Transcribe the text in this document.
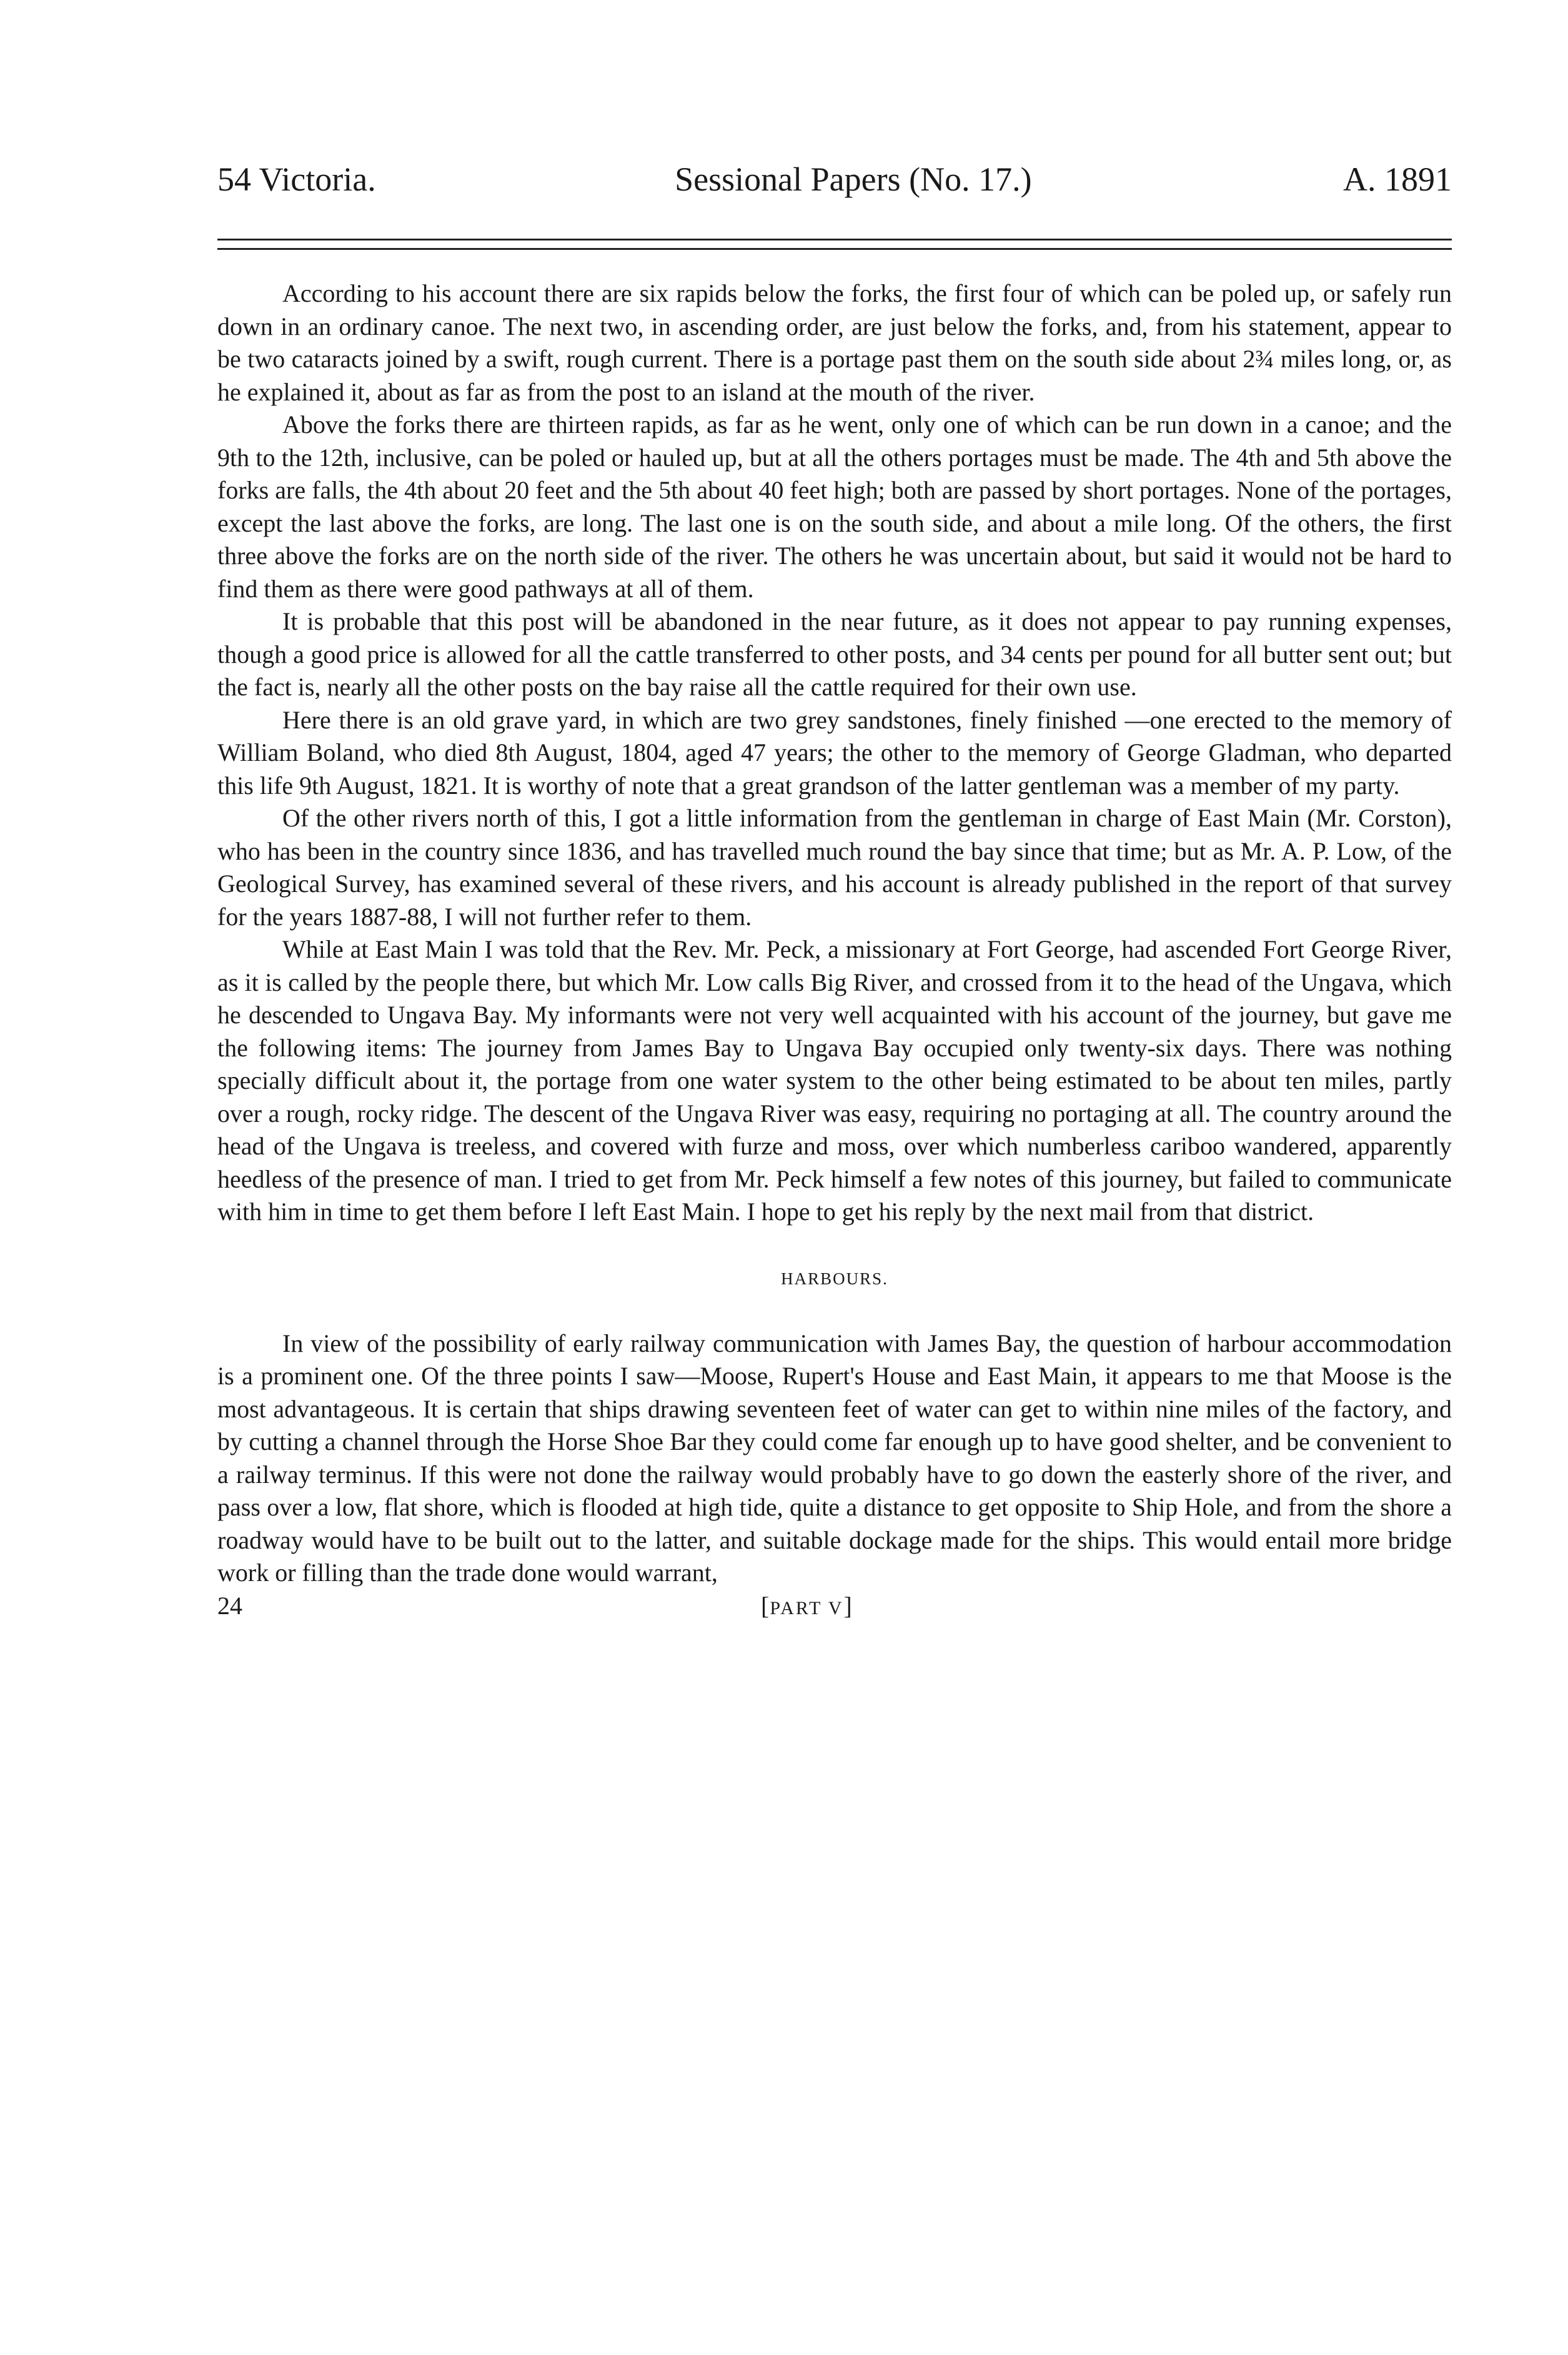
54 Victoria.	Sessional Papers (No. 17.)	A. 1891

According to his account there are six rapids below the forks, the first four of which can be poled up, or safely run down in an ordinary canoe. The next two, in ascending order, are just below the forks, and, from his statement, appear to be two cataracts joined by a swift, rough current. There is a portage past them on the south side about 2¾ miles long, or, as he explained it, about as far as from the post to an island at the mouth of the river.

Above the forks there are thirteen rapids, as far as he went, only one of which can be run down in a canoe; and the 9th to the 12th, inclusive, can be poled or hauled up, but at all the others portages must be made. The 4th and 5th above the forks are falls, the 4th about 20 feet and the 5th about 40 feet high; both are passed by short portages. None of the portages, except the last above the forks, are long. The last one is on the south side, and about a mile long. Of the others, the first three above the forks are on the north side of the river. The others he was uncertain about, but said it would not be hard to find them as there were good pathways at all of them.

It is probable that this post will be abandoned in the near future, as it does not appear to pay running expenses, though a good price is allowed for all the cattle transferred to other posts, and 34 cents per pound for all butter sent out; but the fact is, nearly all the other posts on the bay raise all the cattle required for their own use.

Here there is an old grave yard, in which are two grey sandstones, finely finished —one erected to the memory of William Boland, who died 8th August, 1804, aged 47 years; the other to the memory of George Gladman, who departed this life 9th August, 1821. It is worthy of note that a great grandson of the latter gentleman was a member of my party.

Of the other rivers north of this, I got a little information from the gentleman in charge of East Main (Mr. Corston), who has been in the country since 1836, and has travelled much round the bay since that time; but as Mr. A. P. Low, of the Geological Survey, has examined several of these rivers, and his account is already published in the report of that survey for the years 1887-88, I will not further refer to them.

While at East Main I was told that the Rev. Mr. Peck, a missionary at Fort George, had ascended Fort George River, as it is called by the people there, but which Mr. Low calls Big River, and crossed from it to the head of the Ungava, which he descended to Ungava Bay. My informants were not very well acquainted with his account of the journey, but gave me the following items: The journey from James Bay to Ungava Bay occupied only twenty-six days. There was nothing specially difficult about it, the portage from one water system to the other being estimated to be about ten miles, partly over a rough, rocky ridge. The descent of the Ungava River was easy, requiring no portaging at all. The country around the head of the Ungava is treeless, and covered with furze and moss, over which numberless cariboo wandered, apparently heedless of the presence of man. I tried to get from Mr. Peck himself a few notes of this journey, but failed to communicate with him in time to get them before I left East Main. I hope to get his reply by the next mail from that district.

HARBOURS.

In view of the possibility of early railway communication with James Bay, the question of harbour accommodation is a prominent one. Of the three points I saw—Moose, Rupert's House and East Main, it appears to me that Moose is the most advantageous. It is certain that ships drawing seventeen feet of water can get to within nine miles of the factory, and by cutting a channel through the Horse Shoe Bar they could come far enough up to have good shelter, and be convenient to a railway terminus. If this were not done the railway would probably have to go down the easterly shore of the river, and pass over a low, flat shore, which is flooded at high tide, quite a distance to get opposite to Ship Hole, and from the shore a roadway would have to be built out to the latter, and suitable dockage made for the ships. This would entail more bridge work or filling than the trade done would warrant,

24	[PART V]
